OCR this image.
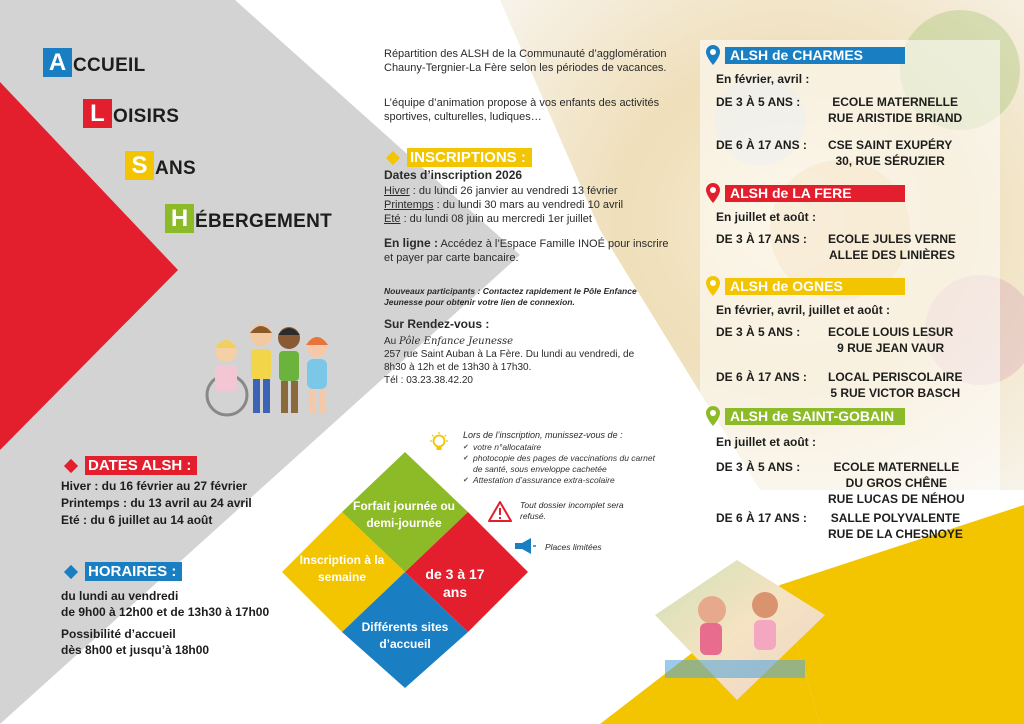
A CCUEIL
L OISIRS
S ANS
H ÉBERGEMENT
Répartition des ALSH de la Communauté d’agglomération Chauny-Tergnier-La Fère selon les périodes de vacances.
L’équipe d’animation propose à vos enfants des activités sportives, culturelles, ludiques…
INSCRIPTIONS :
Dates d’inscription 2026
Hiver : du lundi 26 janvier au vendredi 13 février
Printemps : du lundi 30 mars au vendredi 10 avril
Eté : du lundi 08 juin au mercredi 1er juillet
En ligne : Accédez à l’Espace Famille INOÉ pour inscrire et payer par carte bancaire.
Nouveaux participants : Contactez rapidement le Pôle Enfance Jeunesse pour obtenir votre lien de connexion.
Sur Rendez-vous :
Au Pôle Enfance Jeunesse
257 rue Saint Auban à La Fère. Du lundi au vendredi, de 8h30 à 12h et de 13h30 à 17h30.
Tél : 03.23.38.42.20
Lors de l’inscription, munissez-vous de :
✔ votre n°allocataire
✔ photocopie des pages de vaccinations du carnet de santé, sous enveloppe cachetée
✔ Attestation d’assurance extra-scolaire
Tout dossier incomplet sera refusé.
Places limitées
DATES ALSH :
Hiver : du 16 février au 27 février
Printemps : du 13 avril au 24 avril
Eté : du 6 juillet au 14 août
HORAIRES :
du lundi au vendredi
de 9h00 à 12h00 et de 13h30 à 17h00
Possibilité d’accueil
dès 8h00 et jusqu’à 18h00
Forfait journée ou demi-journée
Inscription à la semaine	de 3 à 17 ans
Différents sites d’accueil
ALSH de CHARMES
En février, avril :
DE 3 À 5 ANS :	ECOLE MATERNELLE
RUE ARISTIDE BRIAND
DE 6 À 17 ANS : CSE SAINT EXUPÉRY
30, RUE SÉRUZIER
ALSH de LA FERE
En juillet et août :
DE 3 À 17 ANS : ECOLE JULES VERNE
ALLEE DES LINIÈRES
ALSH de OGNES
En février, avril, juillet et août :
DE 3 À 5 ANS : ECOLE LOUIS LESUR
9 RUE JEAN VAUR
DE 6 À 17 ANS : LOCAL PERISCOLAIRE
5 RUE VICTOR BASCH
ALSH de SAINT-GOBAIN
En juillet et août :
DE 3 À 5 ANS :	ECOLE MATERNELLE
DU GROS CHÊNE
RUE LUCAS DE NÉHOU
DE 6 À 17 ANS : SALLE POLYVALENTE
RUE DE LA CHESNOYE
